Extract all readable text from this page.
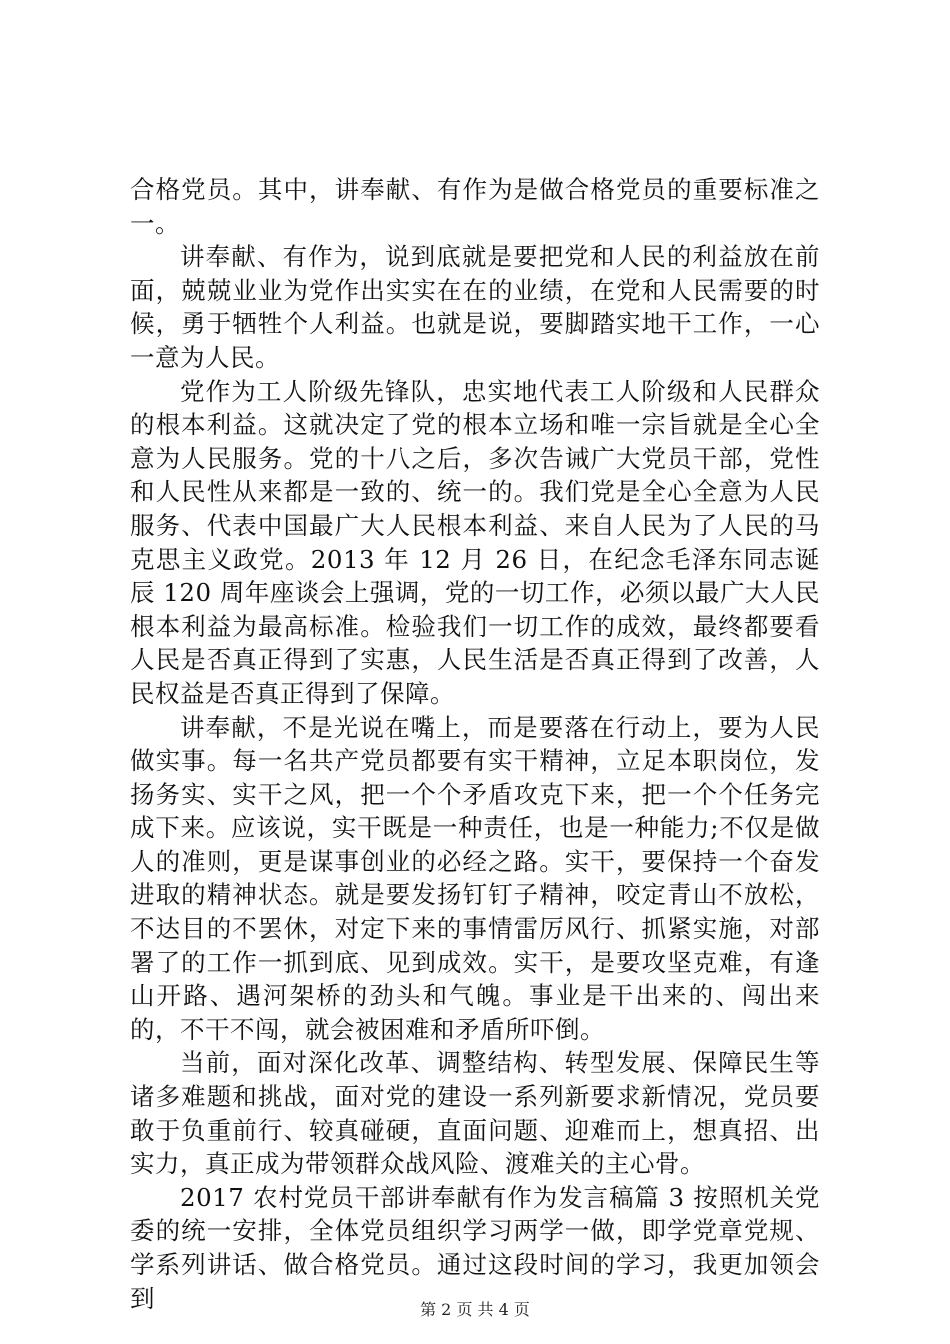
合格党员。其中，讲奉献、有作为是做合格党员的重要标准之一。

讲奉献、有作为，说到底就是要把党和人民的利益放在前面，兢兢业业为党作出实实在在的业绩，在党和人民需要的时候，勇于牺牲个人利益。也就是说，要脚踏实地干工作，一心一意为人民。

党作为工人阶级先锋队，忠实地代表工人阶级和人民群众的根本利益。这就决定了党的根本立场和唯一宗旨就是全心全意为人民服务。党的十八之后，多次告诫广大党员干部，党性和人民性从来都是一致的、统一的。我们党是全心全意为人民服务、代表中国最广大人民根本利益、来自人民为了人民的马克思主义政党。2013 年 12 月 26 日，在纪念毛泽东同志诞辰 120 周年座谈会上强调，党的一切工作，必须以最广大人民根本利益为最高标准。检验我们一切工作的成效，最终都要看人民是否真正得到了实惠，人民生活是否真正得到了改善，人民权益是否真正得到了保障。

讲奉献，不是光说在嘴上，而是要落在行动上，要为人民做实事。每一名共产党员都要有实干精神，立足本职岗位，发扬务实、实干之风，把一个个矛盾攻克下来，把一个个任务完成下来。应该说，实干既是一种责任，也是一种能力;不仅是做人的准则，更是谋事创业的必经之路。实干，要保持一个奋发进取的精神状态。就是要发扬钉钉子精神，咬定青山不放松，不达目的不罢休，对定下来的事情雷厉风行、抓紧实施，对部署了的工作一抓到底、见到成效。实干，是要攻坚克难，有逢山开路、遇河架桥的劲头和气魄。事业是干出来的、闯出来的，不干不闯，就会被困难和矛盾所吓倒。

当前，面对深化改革、调整结构、转型发展、保障民生等诸多难题和挑战，面对党的建设一系列新要求新情况，党员要敢于负重前行、较真碰硬，直面问题、迎难而上，想真招、出实力，真正成为带领群众战风险、渡难关的主心骨。

2017 农村党员干部讲奉献有作为发言稿篇 3 按照机关党委的统一安排，全体党员组织学习两学一做，即学党章党规、学系列讲话、做合格党员。通过这段时间的学习，我更加领会到	第 2 页 共 4 页
